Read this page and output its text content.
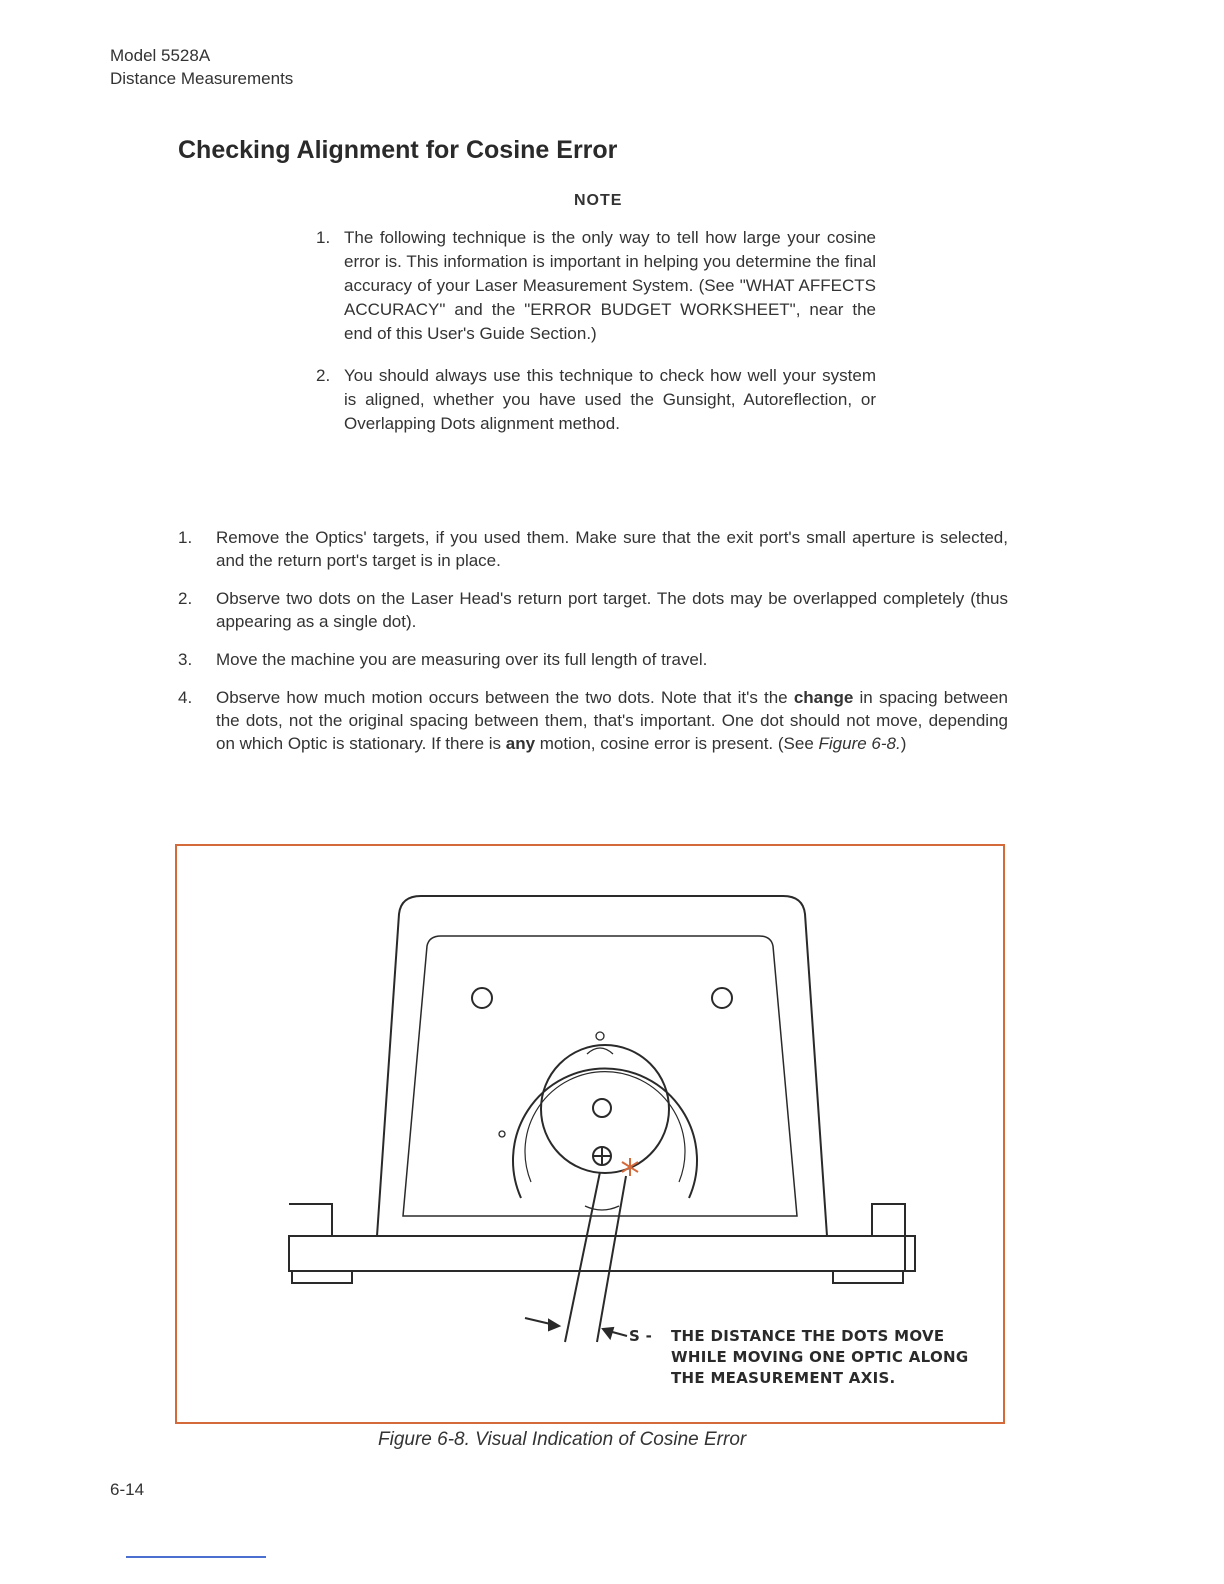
Model 5528A
Distance Measurements
Checking Alignment for Cosine Error
NOTE
1. The following technique is the only way to tell how large your cosine error is. This information is important in helping you determine the final accuracy of your Laser Measurement System. (See "WHAT AFFECTS ACCURACY" and the "ERROR BUDGET WORKSHEET", near the end of this User's Guide Section.)
2. You should always use this technique to check how well your system is aligned, whether you have used the Gunsight, Autoreflection, or Overlapping Dots alignment method.
1. Remove the Optics' targets, if you used them. Make sure that the exit port's small aperture is selected, and the return port's target is in place.
2. Observe two dots on the Laser Head's return port target. The dots may be overlapped completely (thus appearing as a single dot).
3. Move the machine you are measuring over its full length of travel.
4. Observe how much motion occurs between the two dots. Note that it's the change in spacing between the dots, not the original spacing between them, that's important. One dot should not move, depending on which Optic is stationary. If there is any motion, cosine error is present. (See Figure 6-8.)
S - THE DISTANCE THE DOTS MOVE
WHILE MOVING ONE OPTIC ALONG
THE MEASUREMENT AXIS.
Figure 6-8. Visual Indication of Cosine Error
6-14
